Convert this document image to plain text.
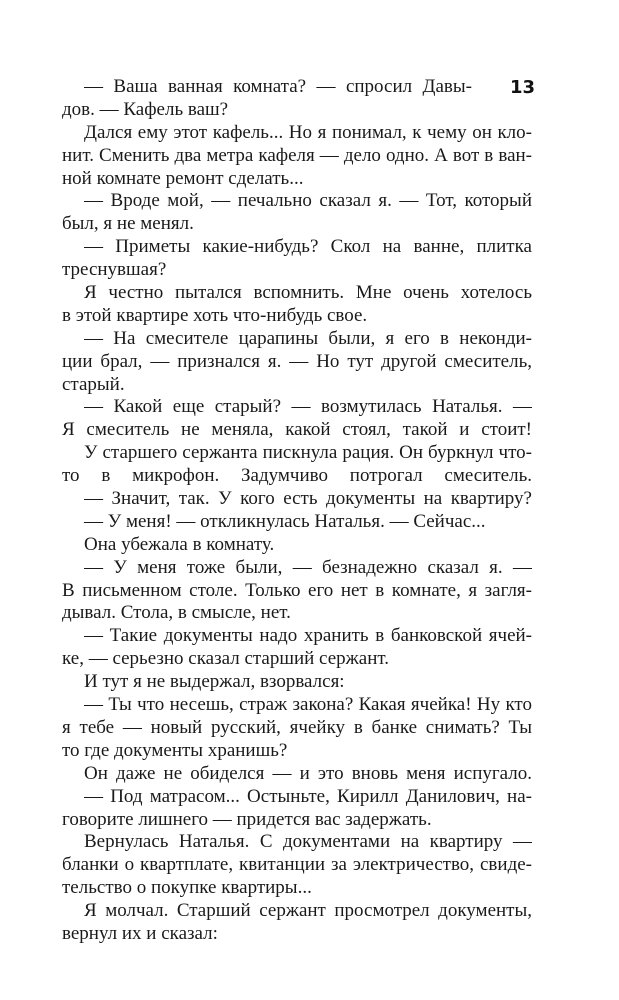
13
— Ваша ванная комната? — спросил Давы-
дов. — Кафель ваш?
Дался ему этот кафель... Но я понимал, к чему он кло-
нит. Сменить два метра кафеля — дело одно. А вот в ван-
ной комнате ремонт сделать...
— Вроде мой, — печально сказал я. — Тот, который
был, я не менял.
— Приметы какие-нибудь? Скол на ванне, плитка
треснувшая?
Я честно пытался вспомнить. Мне очень хотелось
в этой квартире хоть что-нибудь свое.
— На смесителе царапины были, я его в неконди-
ции брал, — признался я. — Но тут другой смеситель,
старый.
— Какой еще старый? — возмутилась Наталья. —
Я смеситель не меняла, какой стоял, такой и стоит!
У старшего сержанта пискнула рация. Он буркнул что-
то в микрофон. Задумчиво потрогал смеситель.
— Значит, так. У кого есть документы на квартиру?
— У меня! — откликнулась Наталья. — Сейчас...
Она убежала в комнату.
— У меня тоже были, — безнадежно сказал я. —
В письменном столе. Только его нет в комнате, я загля-
дывал. Стола, в смысле, нет.
— Такие документы надо хранить в банковской ячей-
ке, — серьезно сказал старший сержант.
И тут я не выдержал, взорвался:
— Ты что несешь, страж закона? Какая ячейка! Ну кто
я тебе — новый русский, ячейку в банке снимать? Ты
то где документы хранишь?
Он даже не обиделся — и это вновь меня испугало.
— Под матрасом... Остыньте, Кирилл Данилович, на-
говорите лишнего — придется вас задержать.
Вернулась Наталья. С документами на квартиру —
бланки о квартплате, квитанции за электричество, свиде-
тельство о покупке квартиры...
Я молчал. Старший сержант просмотрел документы,
вернул их и сказал:
